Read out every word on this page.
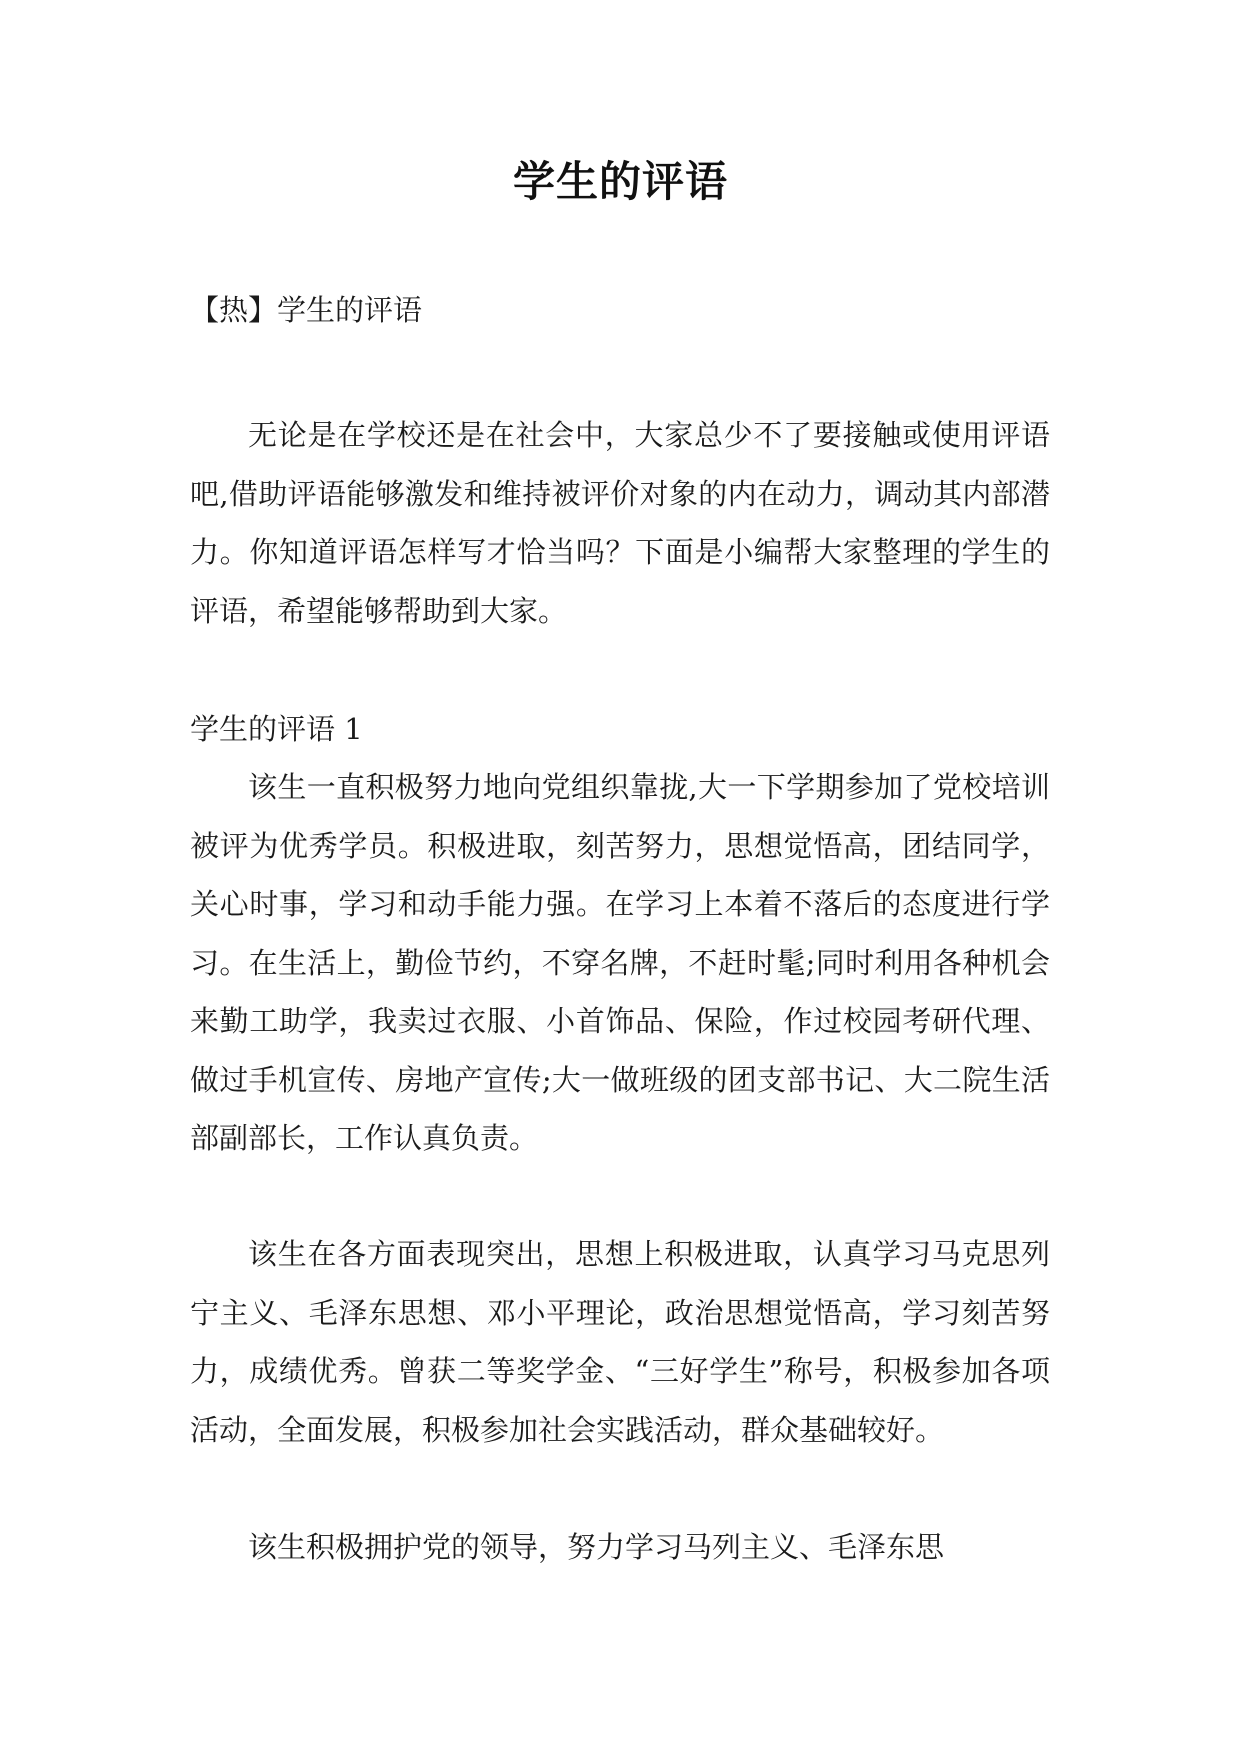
学生的评语
【热】学生的评语

无论是在学校还是在社会中，大家总少不了要接触或使用评语吧,借助评语能够激发和维持被评价对象的内在动力，调动其内部潜力。你知道评语怎样写才恰当吗？下面是小编帮大家整理的学生的评语，希望能够帮助到大家。

学生的评语 1

该生一直积极努力地向党组织靠拢,大一下学期参加了党校培训被评为优秀学员。积极进取，刻苦努力，思想觉悟高，团结同学，关心时事，学习和动手能力强。在学习上本着不落后的态度进行学习。在生活上，勤俭节约，不穿名牌，不赶时髦;同时利用各种机会来勤工助学，我卖过衣服、小首饰品、保险，作过校园考研代理、做过手机宣传、房地产宣传;大一做班级的团支部书记、大二院生活部副部长，工作认真负责。

该生在各方面表现突出，思想上积极进取，认真学习马克思列宁主义、毛泽东思想、邓小平理论，政治思想觉悟高，学习刻苦努力，成绩优秀。曾获二等奖学金、“三好学生”称号，积极参加各项活动，全面发展，积极参加社会实践活动，群众基础较好。

该生积极拥护党的领导，努力学习马列主义、毛泽东思
